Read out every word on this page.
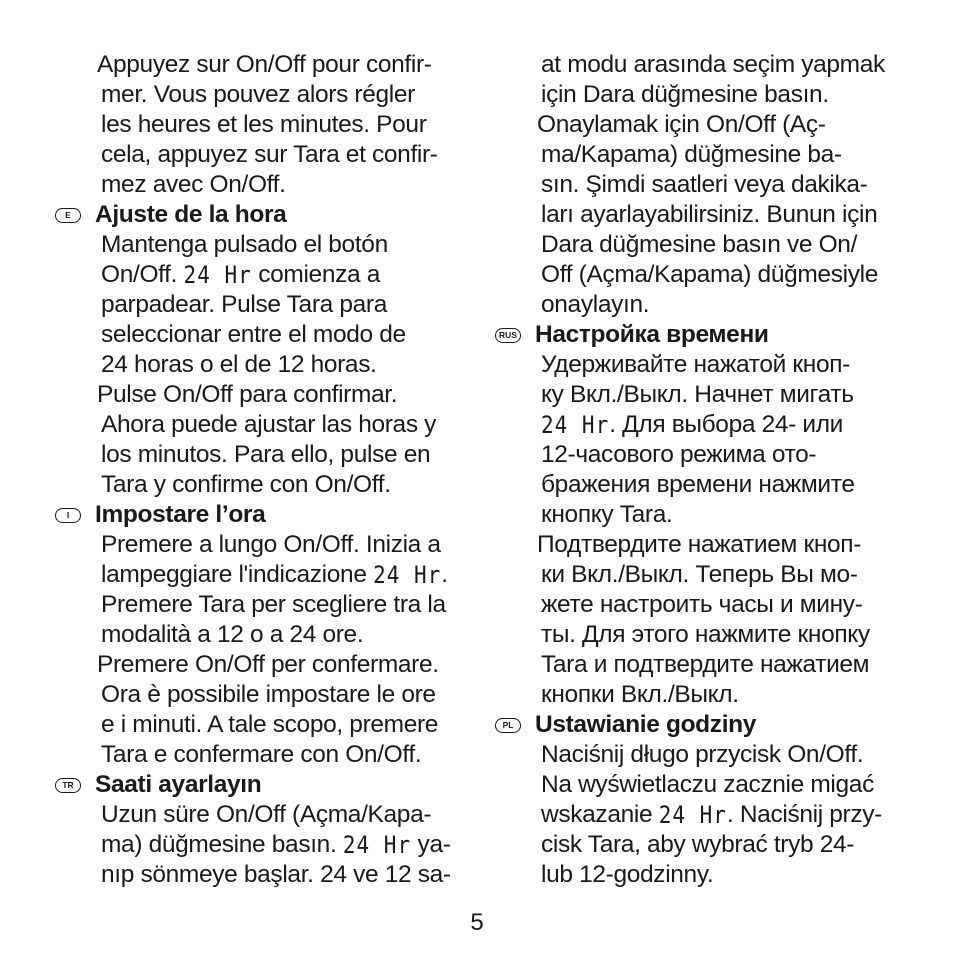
Appuyez sur On/Off pour confir-
mer. Vous pouvez alors régler
les heures et les minutes. Pour
cela, appuyez sur Tara et confir-
mez avec On/Off.
E Ajuste de la hora
Mantenga pulsado el botón
On/Off. 24 Hr comienza a
parpadear. Pulse Tara para
seleccionar entre el modo de
24 horas o el de 12 horas.
Pulse On/Off para confirmar.
Ahora puede ajustar las horas y
los minutos. Para ello, pulse en
Tara y confirme con On/Off.
I	Impostare l’ora
Premere a lungo On/Off. Inizia a
lampeggiare l'indicazione 24 Hr.
Premere Tara per scegliere tra la
modalità a 12 o a 24 ore.
Premere On/Off per confermare.
Ora è possibile impostare le ore
e i minuti. A tale scopo, premere
Tara e confermare con On/Off.
TR Saati ayarlayın
Uzun süre On/Off (Açma/Kapa-
ma) düğmesine basın. 24 Hr ya-
nıp sönmeye başlar. 24 ve 12 sa-
at modu arasında seçim yapmak
için Dara düğmesine basın.
Onaylamak için On/Off (Aç-
ma/Kapama) düğmesine ba-
sın. Şimdi saatleri veya dakika-
ları ayarlayabilirsiniz. Bunun için
Dara düğmesine basın ve On/
Off (Açma/Kapama) düğmesiyle
onaylayın.
RUS Настройка времени
Удерживайте нажатой кноп-
ку Вкл./Выкл. Начнет мигать
24 Hr. Для выбора 24- или
12-часового режима ото-
бражения времени нажмите
кнопку Tara.
Подтвердите нажатием кноп-
ки Вкл./Выкл. Теперь Вы мо-
жете настроить часы и мину-
ты. Для этого нажмите кнопку
Tara и подтвердите нажатием
кнопки Вкл./Выкл.
PL Ustawianie godziny
Naciśnij długo przycisk On/Off.
Na wyświetlaczu zacznie migać
wskazanie 24 Hr. Naciśnij przy-
cisk Tara, aby wybrać tryb 24-
lub 12-godzinny.
5
